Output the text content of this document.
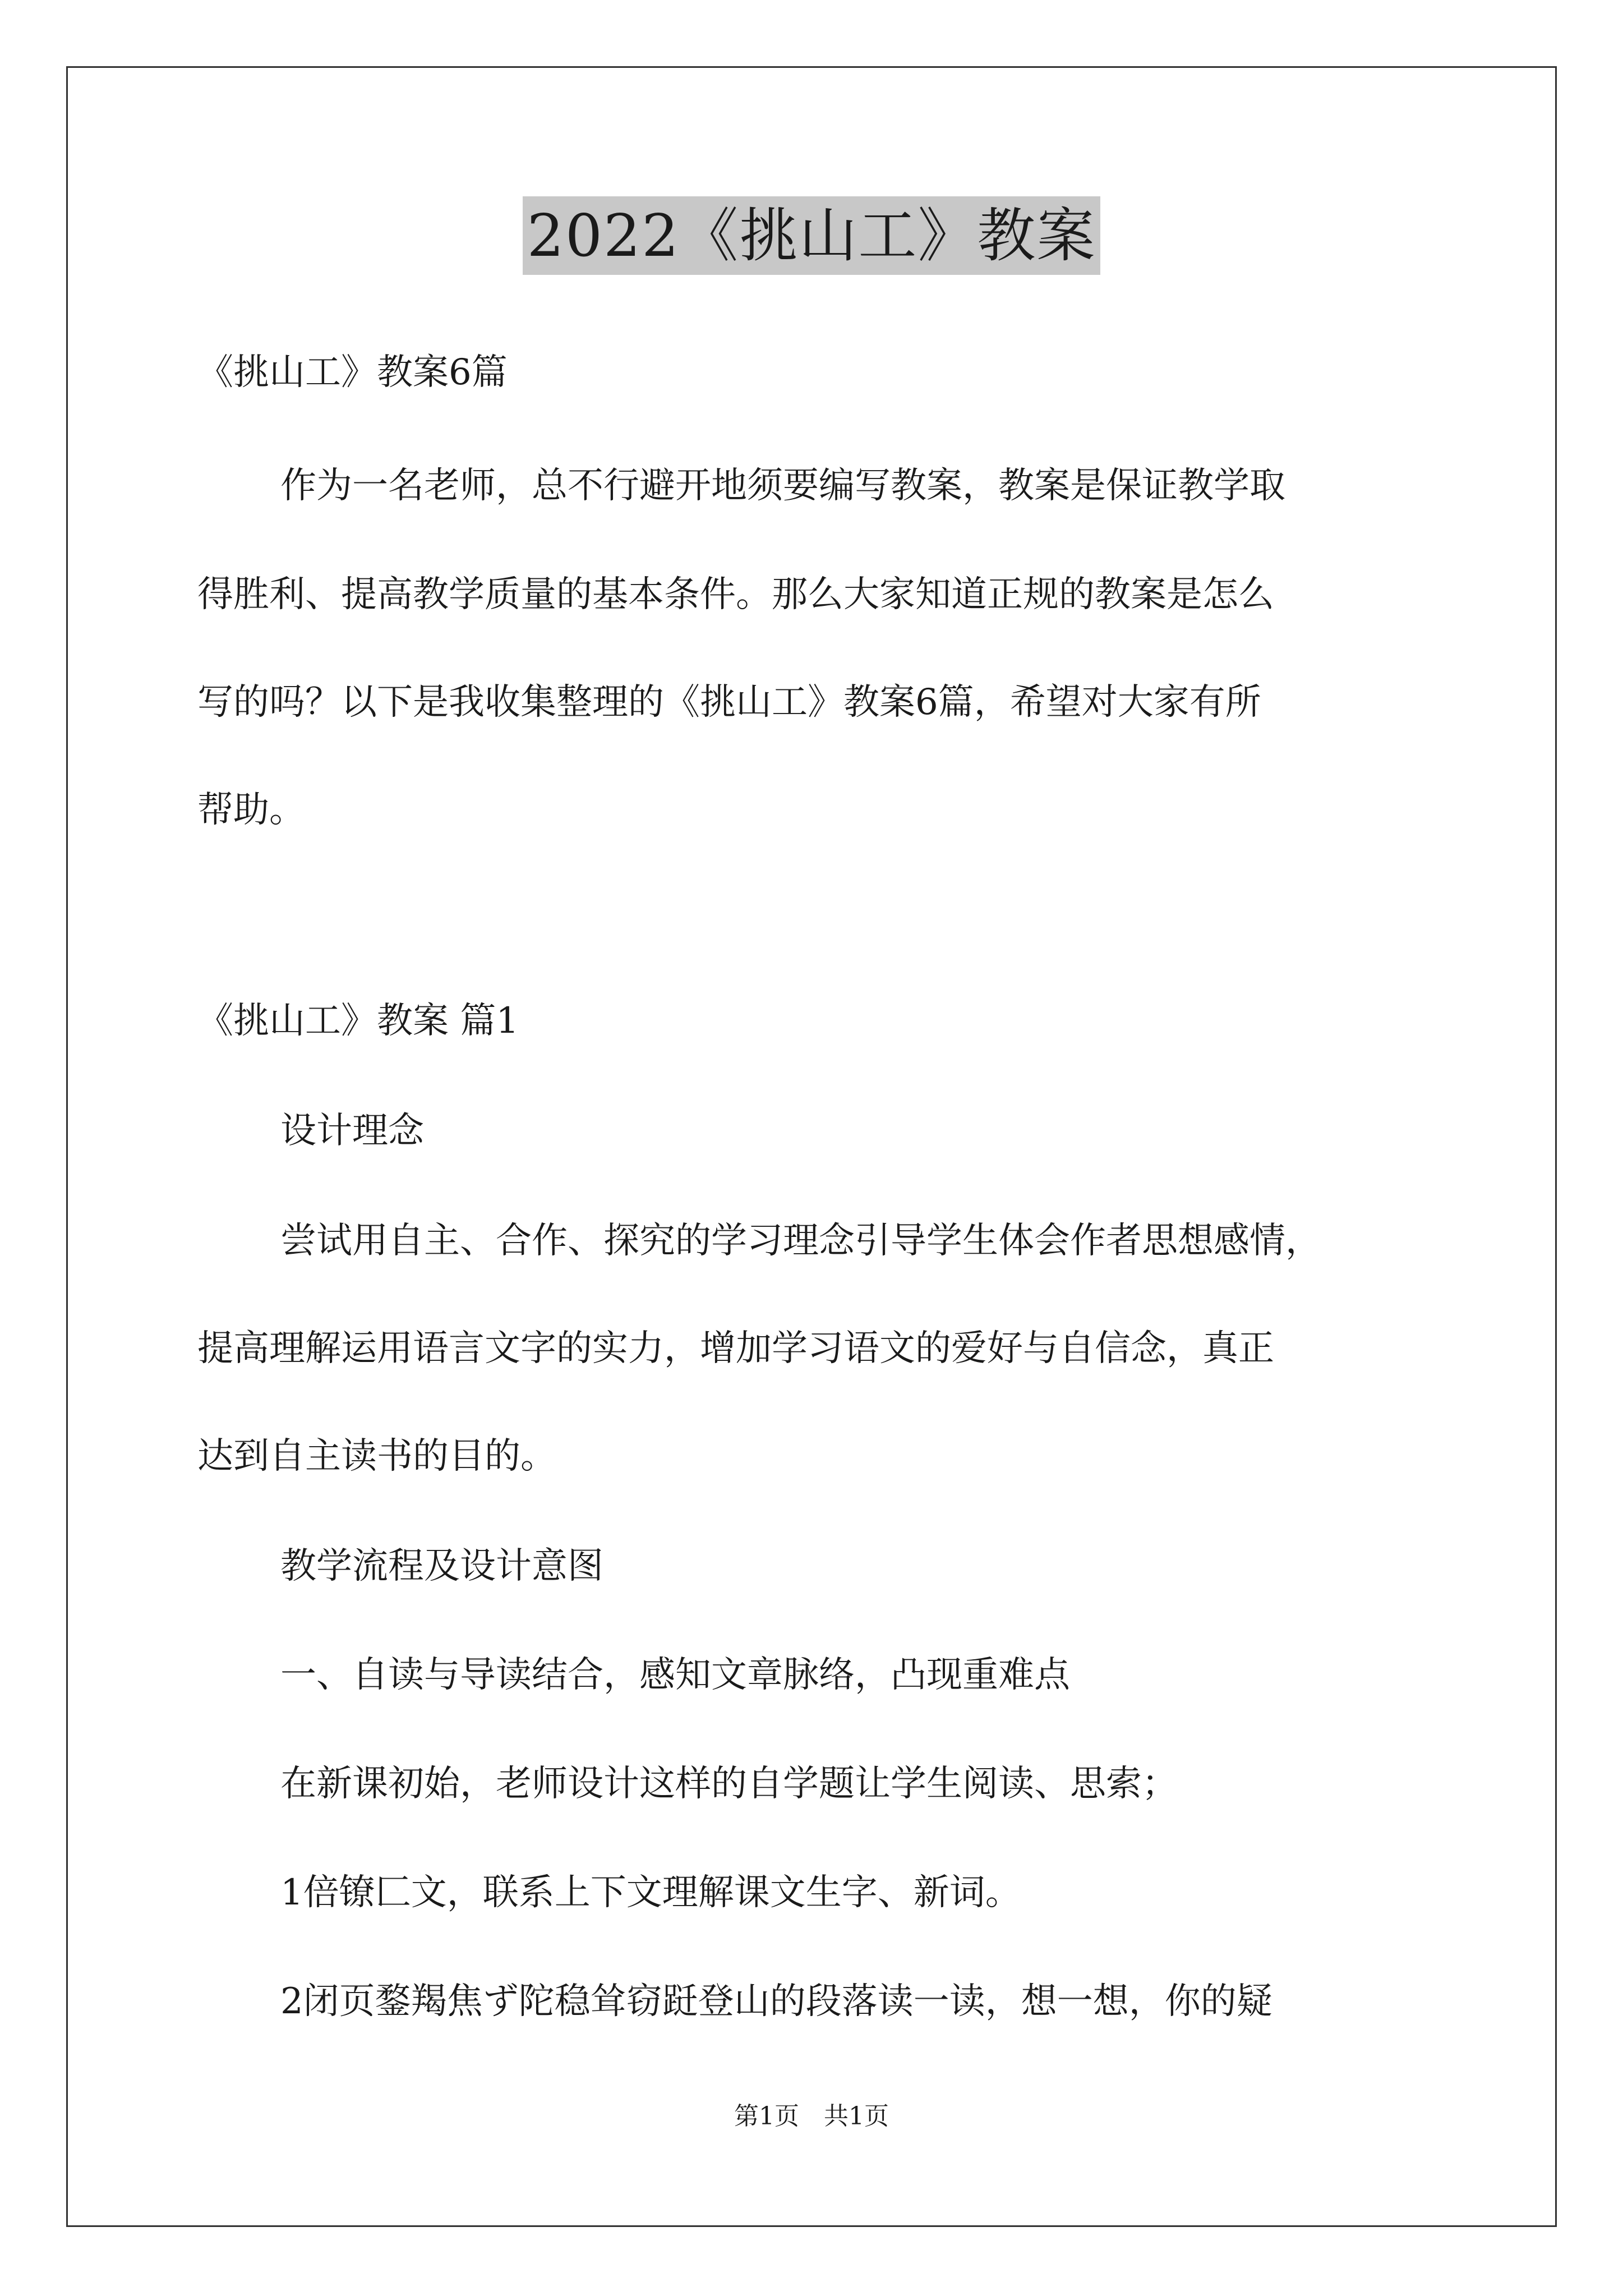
2022《挑山工》教案
《挑山工》教案6篇
作为一名老师，总不行避开地须要编写教案，教案是保证教学取
得胜利、提高教学质量的基本条件。那么大家知道正规的教案是怎么
写的吗？以下是我收集整理的《挑山工》教案6篇，希望对大家有所
帮助。
《挑山工》教案 篇1
设计理念
尝试用自主、合作、探究的学习理念引导学生体会作者思想感情，
提高理解运用语言文字的实力，增加学习语文的爱好与自信念，真正
达到自主读书的目的。
教学流程及设计意图
一、自读与导读结合，感知文章脉络，凸现重难点
在新课初始，老师设计这样的自学题让学生阅读、思索；
1倍镣匚文，联系上下文理解课文生字、新词。
2闭页鍪羯焦ず陀稳耸窃跹登山的段落读一读，想一想，你的疑
第1页　共1页
